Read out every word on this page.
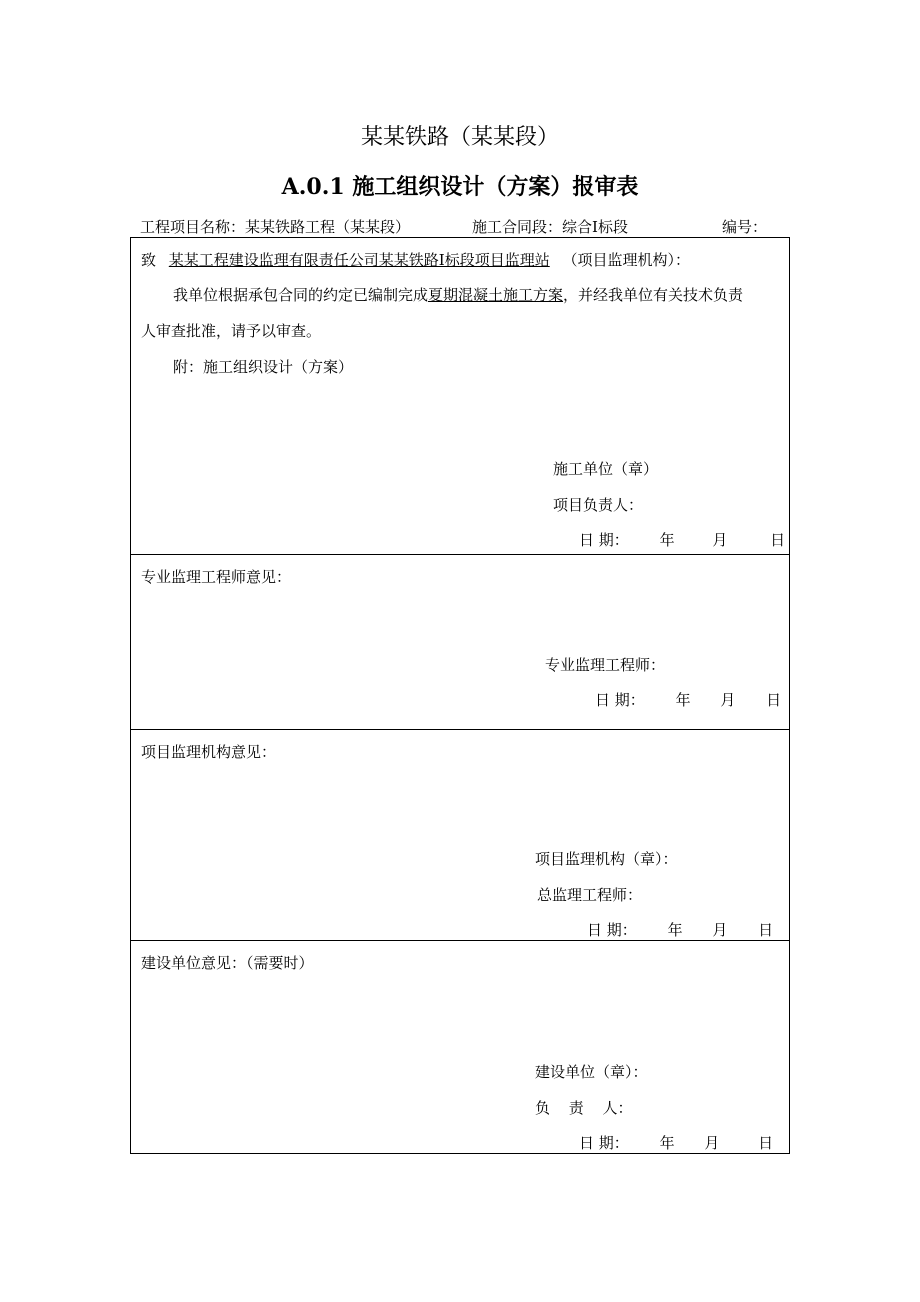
某某铁路（某某段）
A.0.1 施工组织设计（方案）报审表
工程项目名称：某某铁路工程（某某段）	施工合同段：综合Ⅰ标段	编号：
致 某某工程建设监理有限责任公司某某铁路Ⅰ标段项目监理站 （项目监理机构）：
我单位根据承包合同的约定已编制完成夏期混凝土施工方案，并经我单位有关技术负责
人审查批准，请予以审查。
附：施工组织设计（方案）
施工单位（章）
项目负责人：
日 期： 年	月	日
专业监理工程师意见：
专业监理工程师：
日 期： 年 月 日
项目监理机构意见：
项目监理机构（章）：
总监理工程师：
日 期： 年 月 日
建设单位意见：（需要时）
建设单位（章）：
负 责 人：
日 期： 年 月	日
